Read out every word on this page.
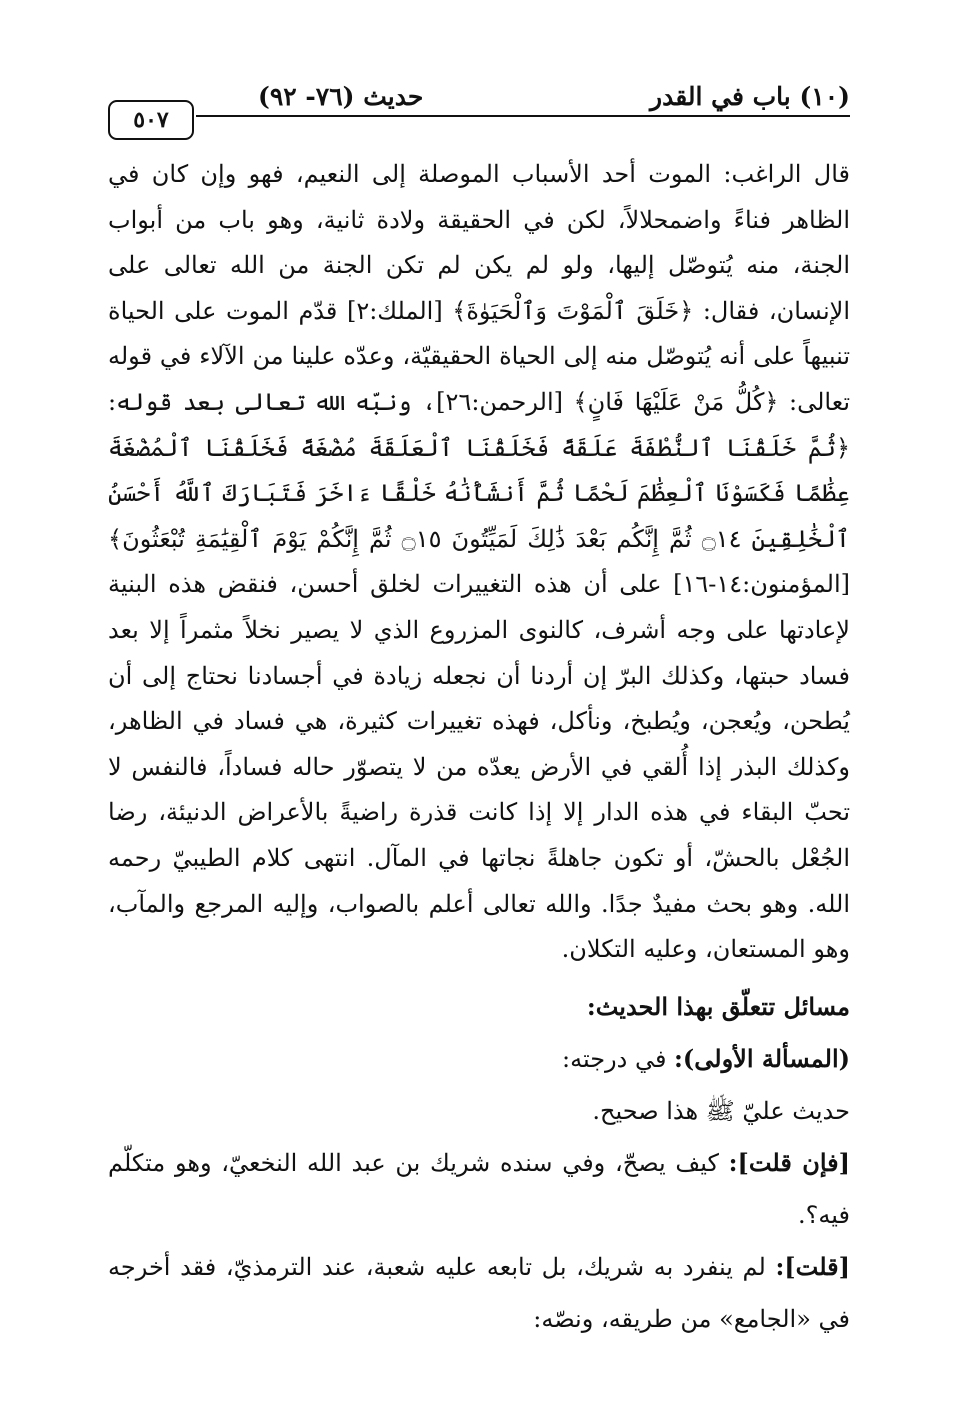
(١٠) باب في القدر
حديث (٧٦- ٩٢)
٥٠٧

قال الراغب: الموت أحد الأسباب الموصلة إلى النعيم، فهو وإن كان في الظاهر فناءً واضمحلالاً، لكن في الحقيقة ولادة ثانية، وهو باب من أبواب الجنة، منه يُتوصّل إليها، ولو لم يكن لم تكن الجنة من الله تعالى على الإنسان، فقال: ﴿خَلَقَ ٱلْمَوْتَ وَٱلْحَيَوٰةَ﴾ [الملك:٢] قدّم الموت على الحياة تنبيهاً على أنه يُتوصّل منه إلى الحياة الحقيقيّة، وعدّه علينا من الآلاء في قوله تعالى: ﴿كُلُّ مَنْ عَلَيْهَا فَانٍ﴾ [الرحمن:٢٦]، ونبّه الله تعالى بعد قوله: ﴿ثُمَّ خَلَقْنَا ٱلنُّطْفَةَ عَلَقَةً فَخَلَقْنَا ٱلْعَلَقَةَ مُضْغَةً فَخَلَقْنَا ٱلْمُضْغَةَ عِظَٰمًا فَكَسَوْنَا ٱلْعِظَٰمَ لَحْمًا ثُمَّ أَنشَأْنَٰهُ خَلْقًا ءَاخَرَ فَتَبَارَكَ ٱللَّهُ أَحْسَنُ ٱلْخَٰلِقِينَ ۝١٤ ثُمَّ إِنَّكُم بَعْدَ ذَٰلِكَ لَمَيِّتُونَ ۝١٥ ثُمَّ إِنَّكُمْ يَوْمَ ٱلْقِيَٰمَةِ تُبْعَثُونَ﴾ [المؤمنون:١٤-١٦] على أن هذه التغييرات لخلق أحسن، فنقض هذه البنية لإعادتها على وجه أشرف، كالنوى المزروع الذي لا يصير نخلاً مثمراً إلا بعد فساد حبتها، وكذلك البرّ إن أردنا أن نجعله زيادة في أجسادنا نحتاج إلى أن يُطحن، ويُعجن، ويُطبخ، ونأكل، فهذه تغييرات كثيرة، هي فساد في الظاهر، وكذلك البذر إذا أُلقي في الأرض يعدّه من لا يتصوّر حاله فساداً، فالنفس لا تحبّ البقاء في هذه الدار إلا إذا كانت قذرة راضيةً بالأعراض الدنيئة، رضا الجُعْل بالحشّ، أو تكون جاهلةً نجاتها في المآل. انتهى كلام الطيبيّ رحمه الله. وهو بحث مفيدٌ جدًا. والله تعالى أعلم بالصواب، وإليه المرجع والمآب، وهو المستعان، وعليه التكلان.

مسائل تتعلّق بهذا الحديث:

(المسألة الأولى): في درجته:

حديث عليّ ﷺ هذا صحيح.

[فإن قلت]: كيف يصحّ، وفي سنده شريك بن عبد الله النخعيّ، وهو متكلّم فيه؟.

[قلت]: لم ينفرد به شريك، بل تابعه عليه شعبة، عند الترمذيّ، فقد أخرجه في «الجامع» من طريقه، ونصّه:
